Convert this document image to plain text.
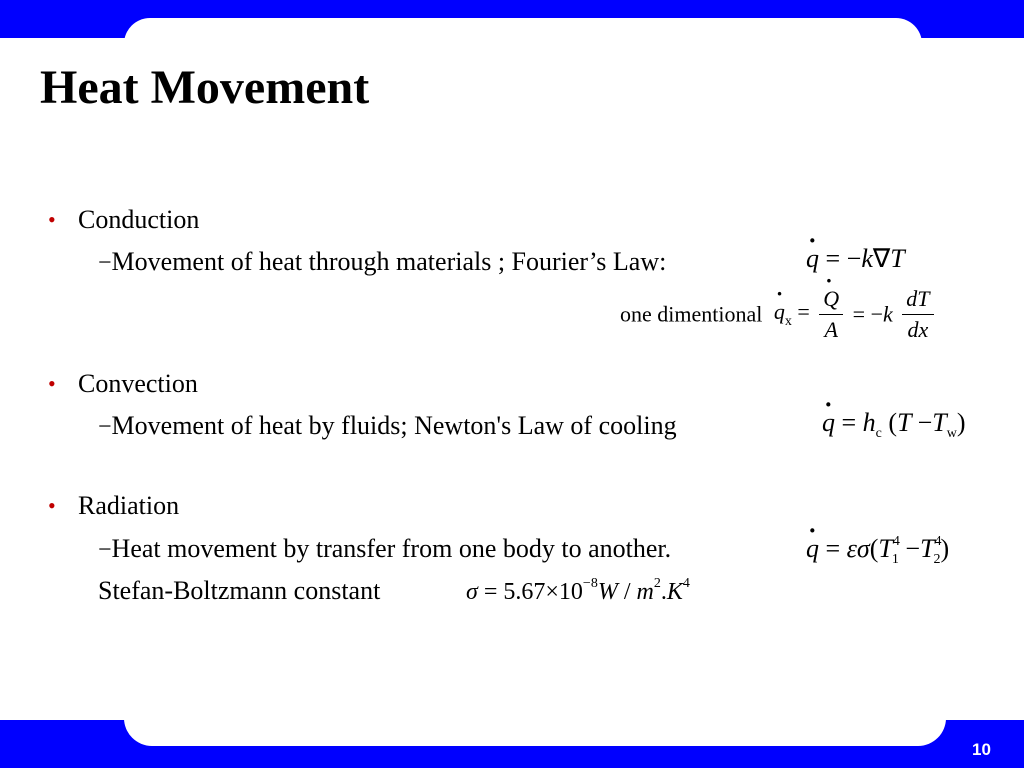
Heat Movement
• Conduction
−Movement of heat through materials ; Fourier’s Law:	· q = −k∇T
one dimentional · $q_x$ = · $\frac{Q}{A} = -k \frac{dT}{dx}$
• Convection
−Movement of heat by fluids; Newton's Law of cooling	· $q = h_c$ $(T -T_w)$
• Radiation
−Heat movement by transfer from one body to another.	· $q = \varepsilon\sigma(T^4_1 -T^4_2)$
Stefan-Boltzmann constant	$\sigma = 5.67\times 10^{-8}W / m^2.K^4$
10
